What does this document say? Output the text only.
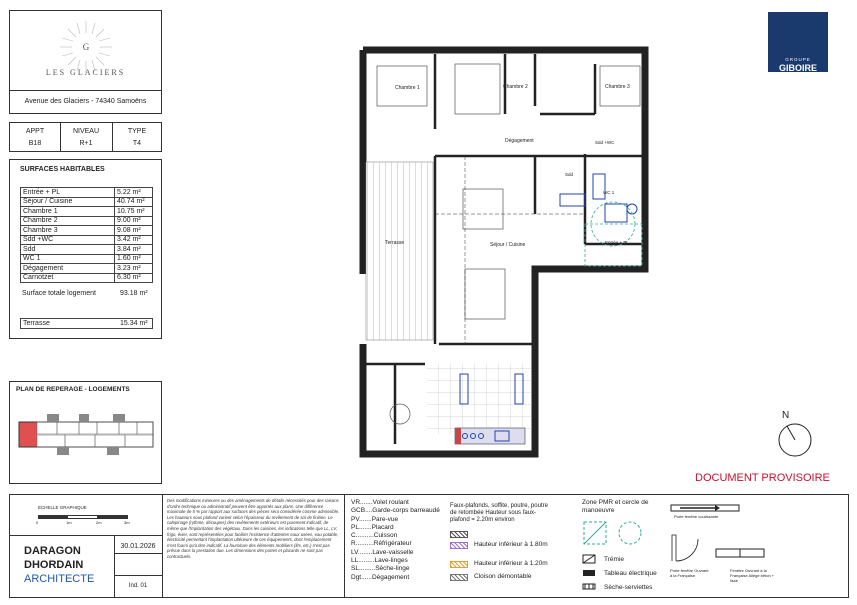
G
LES GLACIERS
Avenue des Glaciers - 74340 Samoëns
APPT	NIVEAU	TYPE
B18	R+1	T4
SURFACES HABITABLES
Entrée + PL	5.22 m²
Séjour / Cuisine	40.74 m²
Chambre 1	10.75 m²
Chambre 2	9.00 m²
Chambre 3	9.08 m²
Sdd +WC	3.42 m²
Sdd	3.84 m²
WC 1	1.60 m²
Dégagement	3.23 m²
Carnotzet	6.30 m²
Surface totale logement	93.18 m²
Terrasse	15.34 m²
PLAN DE REPERAGE - LOGEMENTS
Chambre 1	Chambre 2	Chambre 3
Dégagement	Sdd +WC
Sdd
WC 1
Entrée + PL
Séjour / Cuisine
Terrasse
GROUPE
GIBOIRE
N
DOCUMENT PROVISOIRE
ECHELLE GRAPHIQUE
0	1m	2m	3m
DARAGON
DHORDAIN
ARCHITECTE
30.01.2026
Ind. 01
Des modifications mineures ou des aménagements de détails nécessités pour des raisons d'ordre technique ou administratif peuvent être apportés aux plans. Une différence maximale de 5 % par rapport aux surfaces des pièces sera considérée comme admissible. Les hauteurs sous plafond varient selon l'épaisseur du revêtement de sol de finition. Le calepinage (rythme, découpes) des revêtements extérieurs est purement indicatif, de même que l'implantation des végétaux. Dans les cuisines, les indications telle que LL, LV, frigo, évier, sont représentées pour faciliter l'existence d'attentes eaux usées, eau potable, électricité permettant l'implantation ultérieure de ces équipements, dont l'emplacement n'est fourni qu'à titre indicatif. La fourniture des éléments mobiliers (lits, etc.) n'est pas prévue dans la prestation due. Les dimensions des portes et placards ne sont pas contractuels.
VR.......Volet roulant
GCB....Garde-corps barreaudé
PV.......Pare-vue
PL.......Placard
C..........Cuisson
R..........Réfrigérateur
LV........Lave-vaisselle
LL.........Lave-linges
SL.........Sèche-linge
Dgt......Dégagement
Faux-plafonds, soffite, poutre, poutre de retombée Hauteur sous faux-plafond = 2.20m environ
Hauteur inférieur à 1.80m
Hauteur inférieur à 1.20m
Cloison démontable
Zone PMR et cercle de manoeuvre
Trémie
Tableau électrique
Sèche-serviettes
Porte fenêtre coulissante
Porte fenêtre Ouvrant à la Française
Fenêtre Ouvrant à la Française Allège béton + lisse
